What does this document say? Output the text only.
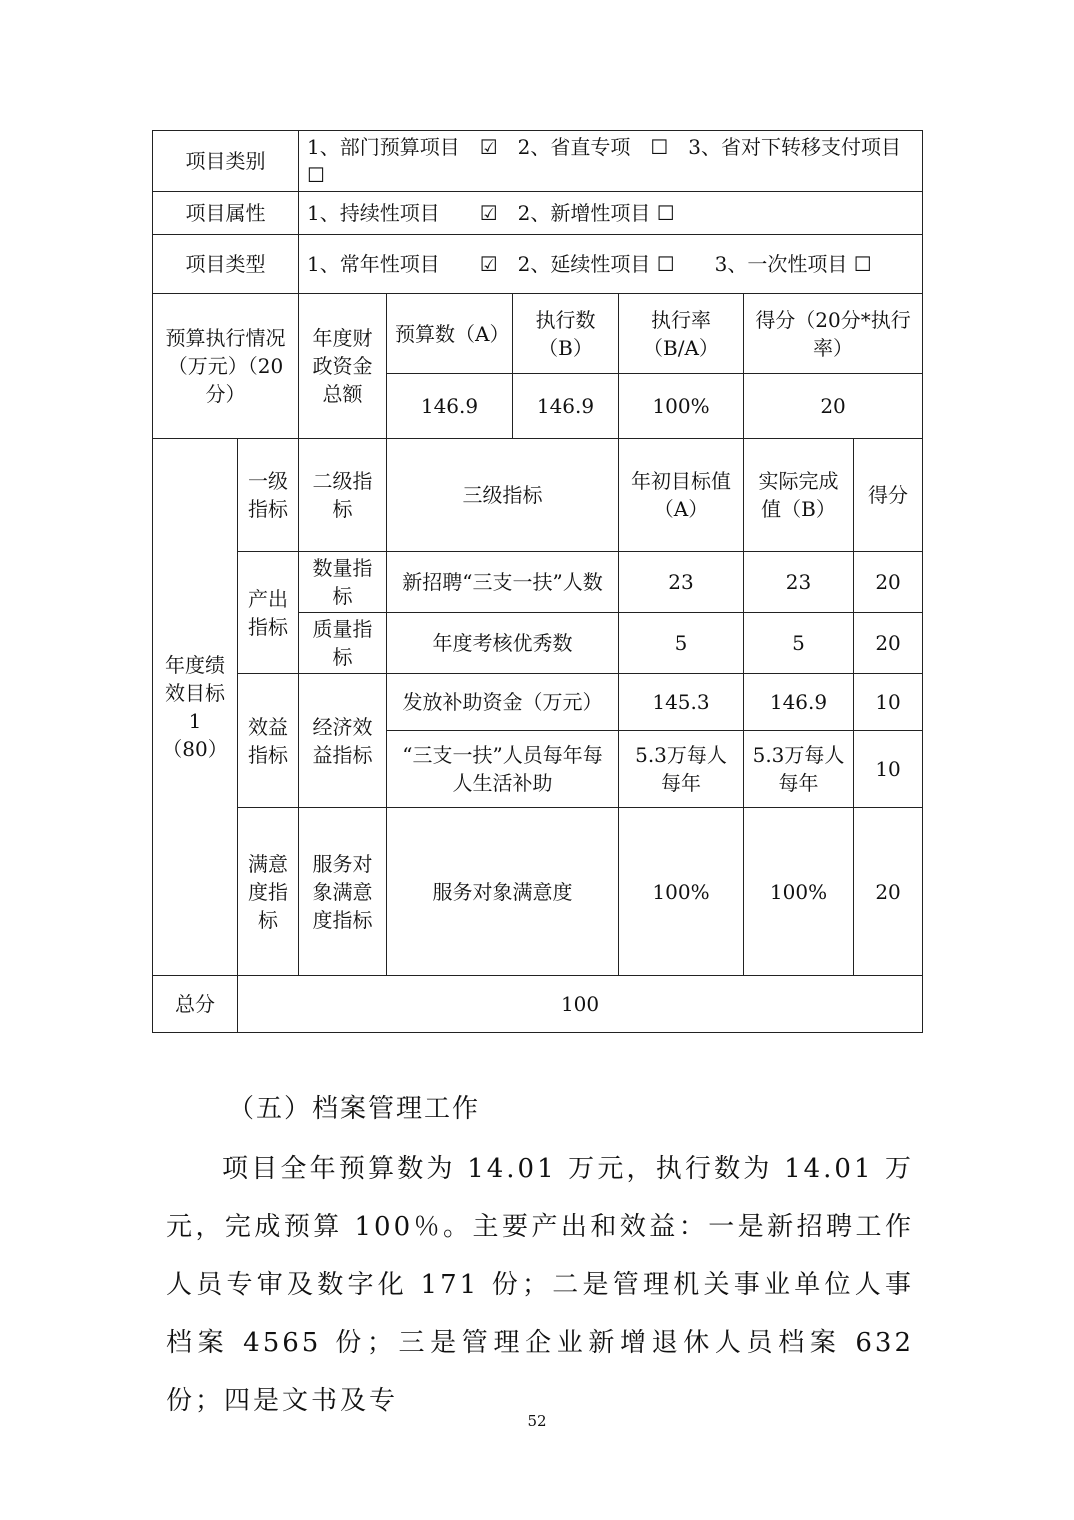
项目类别		1、部门预算项目　☑　2、省直专项　☐　3、省对下转移支付项目 ☐					
项目属性		1、持续性项目　　☑　2、新增性项目 ☐					
项目类型		1、常年性项目　　☑　2、延续性项目 ☐　　3、一次性项目 ☐					
预算执行情况（万元）（20分）		年度财政资金总额	预算数（A）	执行数（B）	执行率（B/A）	得分（20分*执行率）	
			146.9	146.9	100%	20	
年度绩效目标1（80）	一级指标	二级指标	三级指标		年初目标值（A）	实际完成值（B）	得分
	产出指标	数量指标	新招聘“三支一扶”人数		23	23	20
		质量指标	年度考核优秀数		5	5	20
	效益指标	经济效益指标	发放补助资金（万元）		145.3	146.9	10
			“三支一扶”人员每年每人生活补助		5.3万每人每年	5.3万每人每年	10
	满意度指标	服务对象满意度指标	服务对象满意度		100%	100%	20
总分	100						
（五）档案管理工作

项目全年预算数为 14.01 万元，执行数为 14.01 万元，完成预算 100％。主要产出和效益：一是新招聘工作人员专审及数字化 171 份；二是管理机关事业单位人事档案 4565 份；三是管理企业新增退休人员档案 632 份；四是文书及专

52
